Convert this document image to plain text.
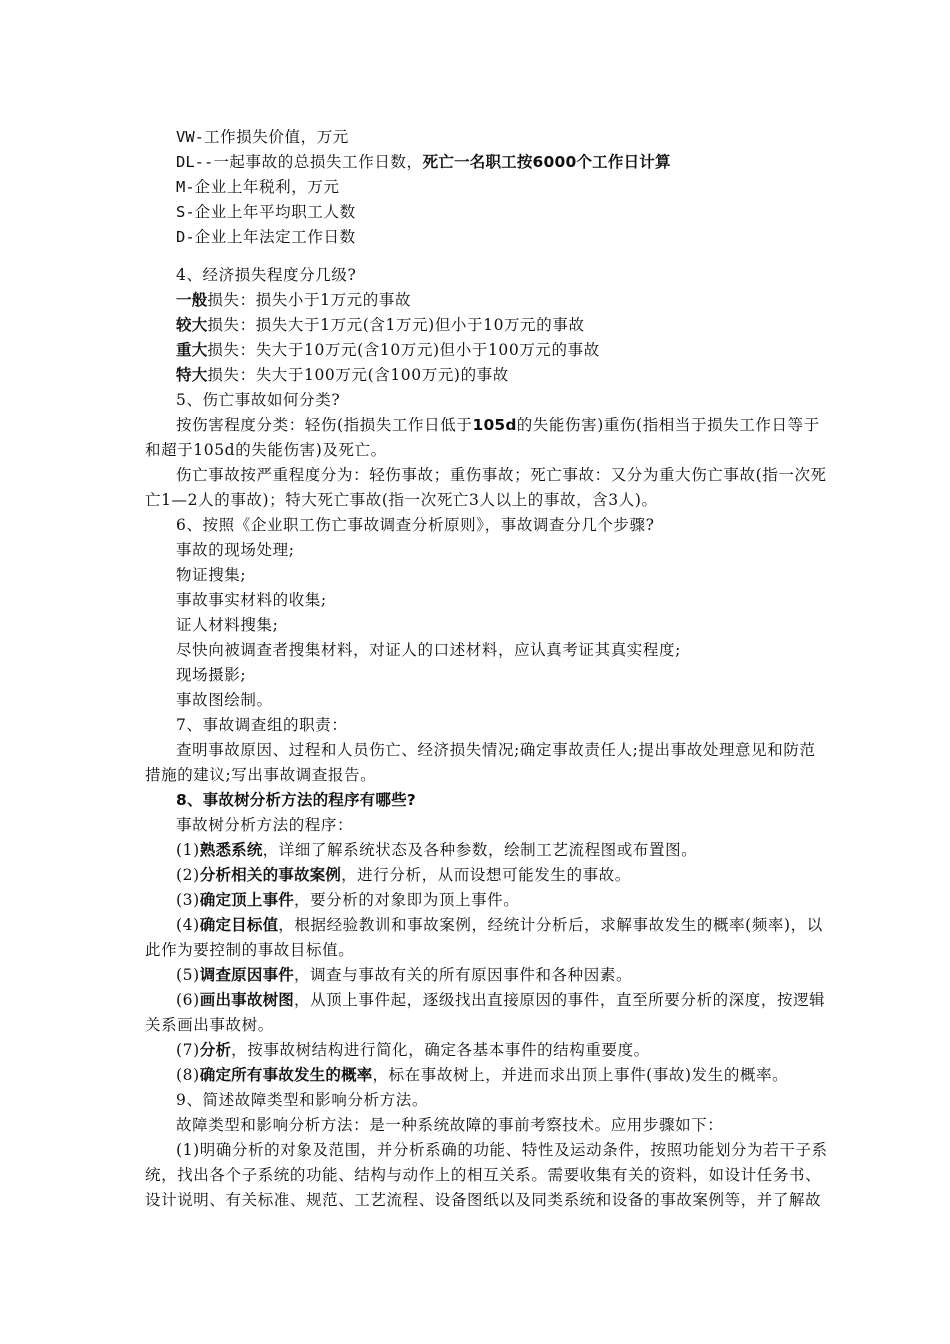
VW-工作损失价值，万元
DL--一起事故的总损失工作日数，死亡一名职工按6000个工作日计算
M-企业上年税利，万元
S-企业上年平均职工人数
D-企业上年法定工作日数
4、经济损失程度分几级?
一般损失：损失小于1万元的事故
较大损失：损失大于1万元(含1万元)但小于10万元的事故
重大损失：失大于10万元(含10万元)但小于100万元的事故
特大损失：失大于100万元(含100万元)的事故
5、伤亡事故如何分类?
按伤害程度分类：轻伤(指损失工作日低于105d的失能伤害)重伤(指相当于损失工作日等于
和超于105d的失能伤害)及死亡。
伤亡事故按严重程度分为：轻伤事故；重伤事故；死亡事故：又分为重大伤亡事故(指一次死
亡1—2人的事故)；特大死亡事故(指一次死亡3人以上的事故，含3人)。
6、按照《企业职工伤亡事故调查分析原则》，事故调查分几个步骤?
事故的现场处理;
物证搜集;
事故事实材料的收集;
证人材料搜集;
尽快向被调查者搜集材料，对证人的口述材料，应认真考证其真实程度;
现场摄影;
事故图绘制。
7、事故调查组的职责：
查明事故原因、过程和人员伤亡、经济损失情况;确定事故责任人;提出事故处理意见和防范
措施的建议;写出事故调查报告。
8、事故树分析方法的程序有哪些?
事故树分析方法的程序：
(1)熟悉系统，详细了解系统状态及各种参数，绘制工艺流程图或布置图。
(2)分析相关的事故案例，进行分析，从而设想可能发生的事故。
(3)确定顶上事件，要分析的对象即为顶上事件。
(4)确定目标值，根据经验教训和事故案例，经统计分析后，求解事故发生的概率(频率)，以
此作为要控制的事故目标值。
(5)调查原因事件，调查与事故有关的所有原因事件和各种因素。
(6)画出事故树图，从顶上事件起，逐级找出直接原因的事件，直至所要分析的深度，按逻辑
关系画出事故树。
(7)分析，按事故树结构进行简化，确定各基本事件的结构重要度。
(8)确定所有事故发生的概率，标在事故树上，并进而求出顶上事件(事故)发生的概率。
9、简述故障类型和影响分析方法。
故障类型和影响分析方法：是一种系统故障的事前考察技术。应用步骤如下：
(1)明确分析的对象及范围，并分析系确的功能、特性及运动条件，按照功能划分为若干子系
统，找出各个子系统的功能、结构与动作上的相互关系。需要收集有关的资料，如设计任务书、
设计说明、有关标准、规范、工艺流程、设备图纸以及同类系统和设备的事故案例等，并了解故
